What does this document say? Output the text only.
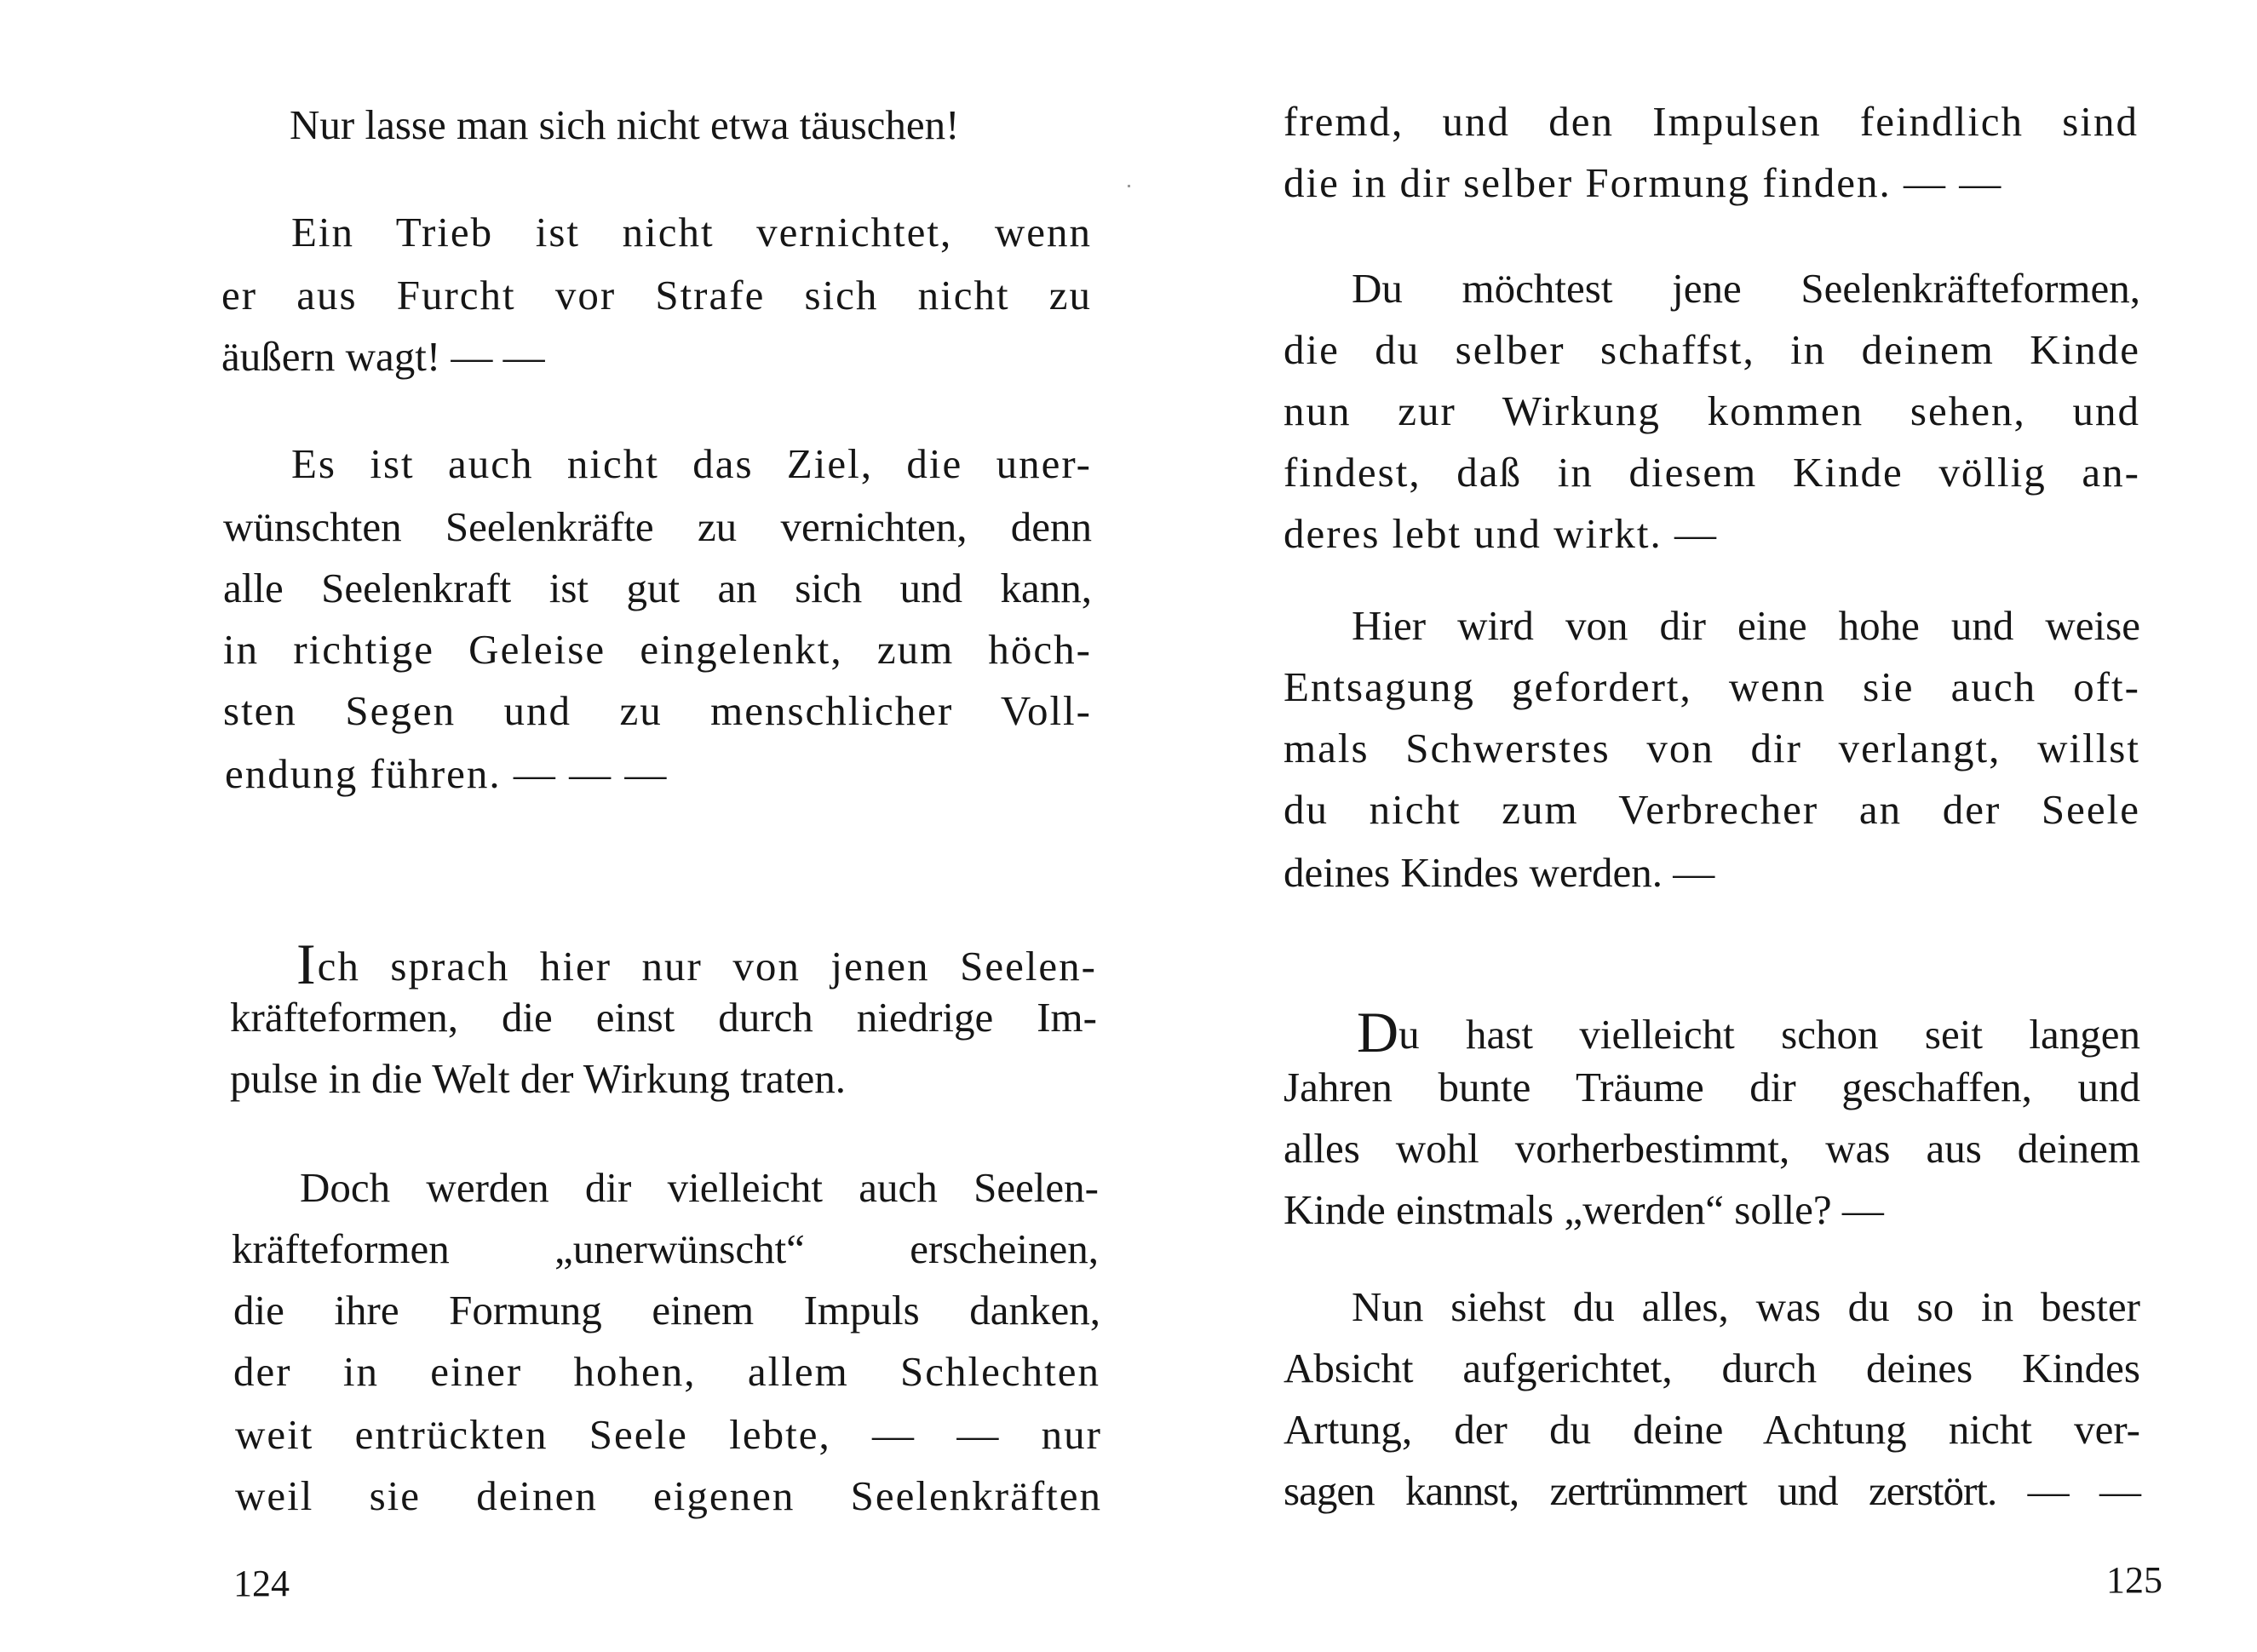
Nur lasse man sich nicht etwa täuschen!
Ein Trieb ist nicht vernichtet, wenn
er aus Furcht vor Strafe sich nicht zu
äußern wagt! — —
Es ist auch nicht das Ziel, die uner-
wünschten Seelenkräfte zu vernichten, denn
alle Seelenkraft ist gut an sich und kann,
in richtige Geleise eingelenkt, zum höch-
sten Segen und zu menschlicher Voll-
endung führen. — — —
Ich sprach hier nur von jenen Seelen-
kräfteformen, die einst durch niedrige Im-
pulse in die Welt der Wirkung traten.
Doch werden dir vielleicht auch Seelen-
kräfteformen „unerwünscht“ erscheinen,
die ihre Formung einem Impuls danken,
der in einer hohen, allem Schlechten
weit entrückten Seele lebte, — — nur
weil sie deinen eigenen Seelenkräften
124
fremd, und den Impulsen feindlich sind
die in dir selber Formung finden. — —
Du möchtest jene Seelenkräfteformen,
die du selber schaffst, in deinem Kinde
nun zur Wirkung kommen sehen, und
findest, daß in diesem Kinde völlig an-
deres lebt und wirkt. —
Hier wird von dir eine hohe und weise
Entsagung gefordert, wenn sie auch oft-
mals Schwerstes von dir verlangt, willst
du nicht zum Verbrecher an der Seele
deines Kindes werden. —
Du hast vielleicht schon seit langen
Jahren bunte Träume dir geschaffen, und
alles wohl vorherbestimmt, was aus deinem
Kinde einstmals „werden“ solle? —
Nun siehst du alles, was du so in bester
Absicht aufgerichtet, durch deines Kindes
Artung, der du deine Achtung nicht ver-
sagen kannst, zertrümmert und zerstört. — —
125
